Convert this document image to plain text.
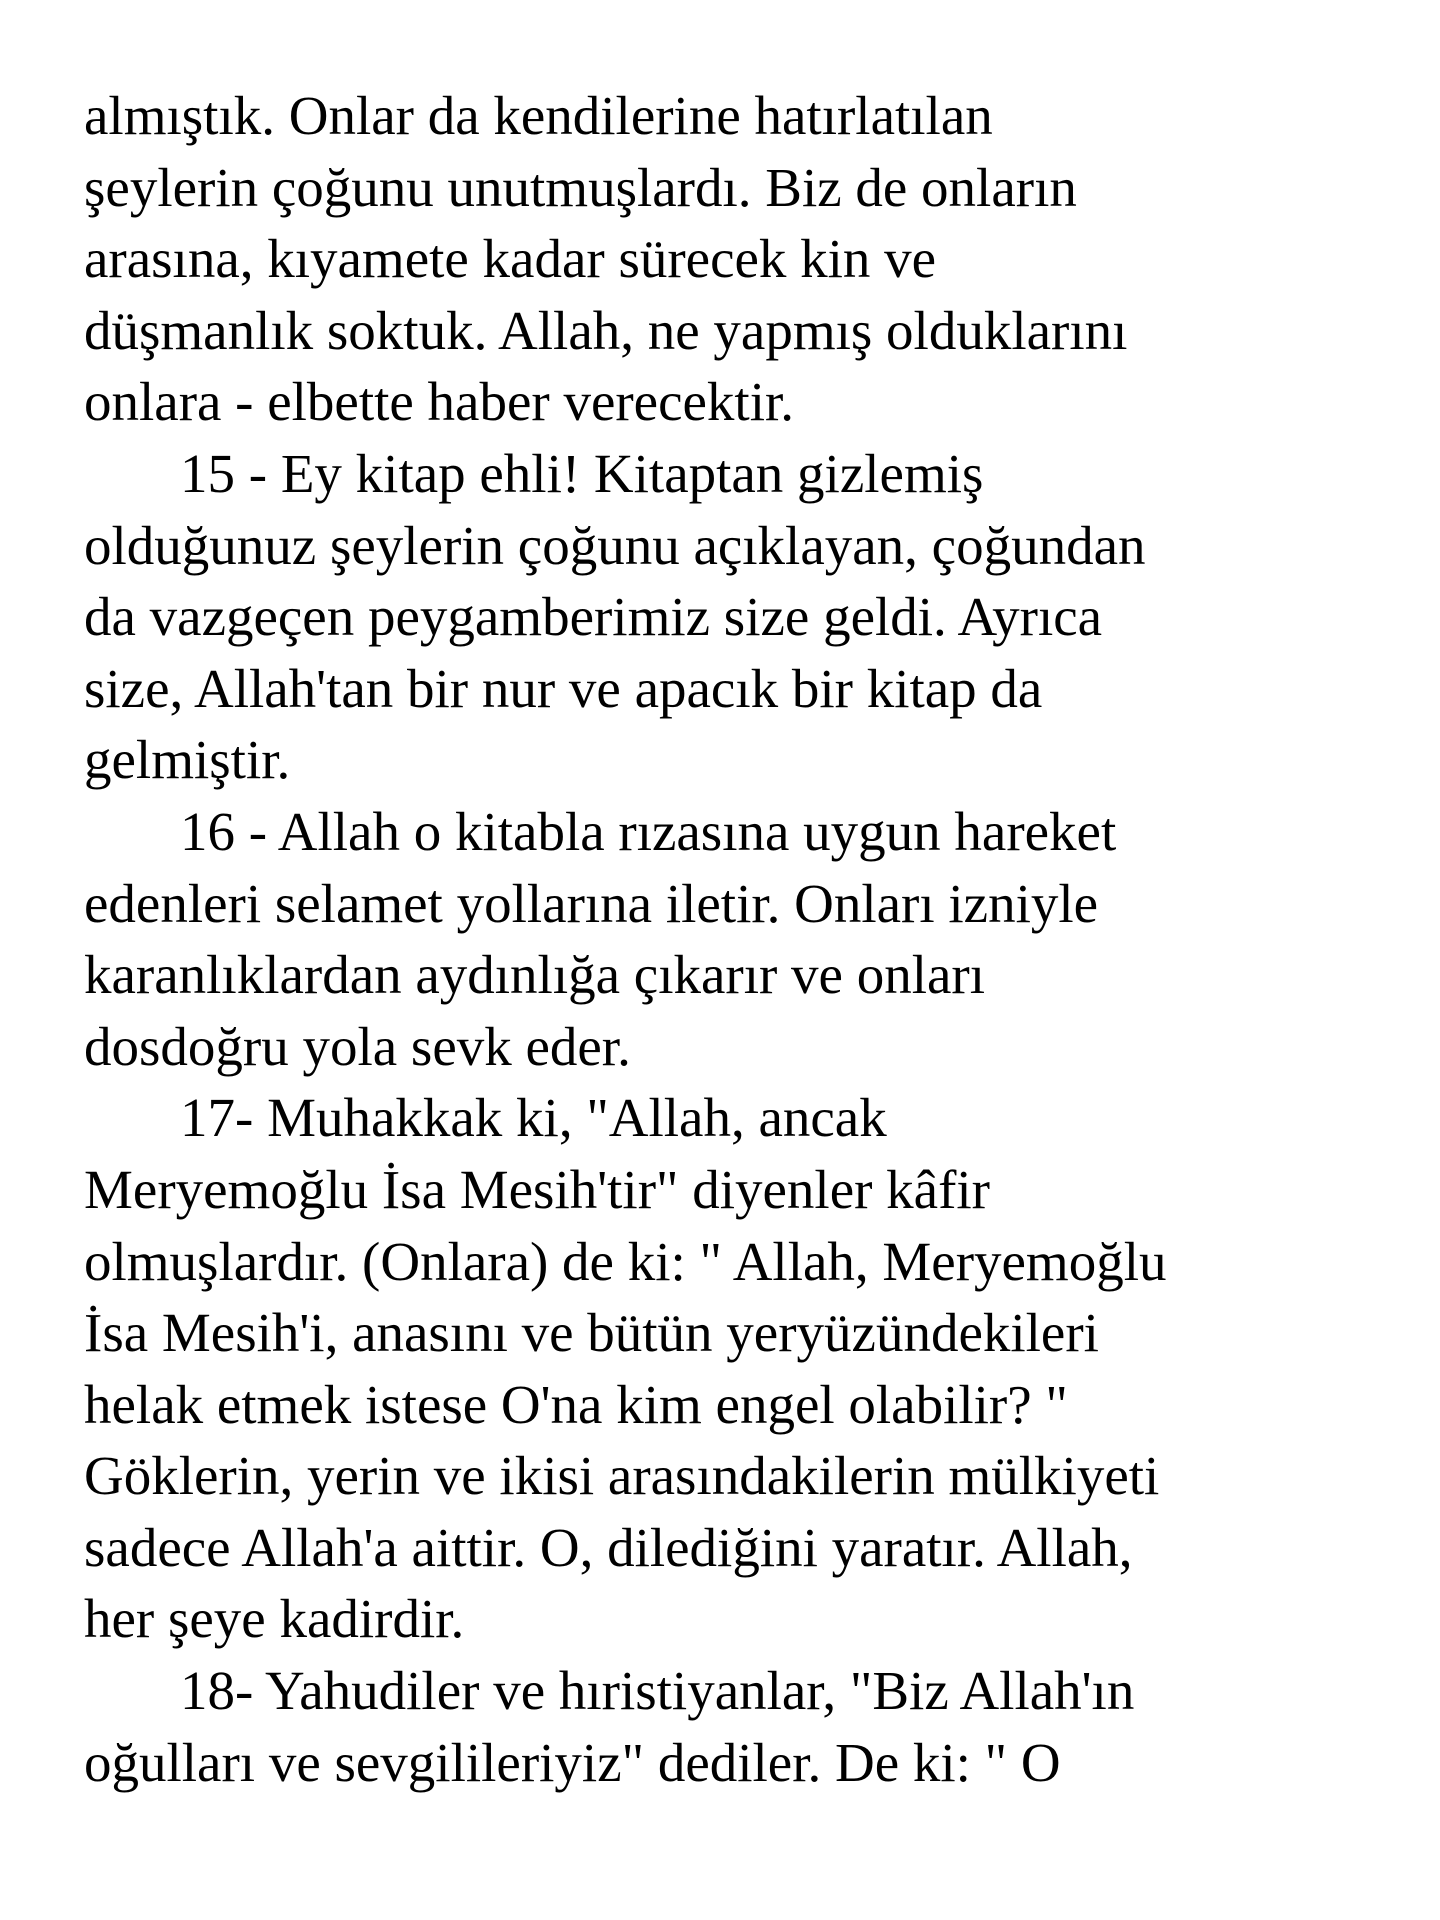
almıştık. Onlar da kendilerine hatırlatılan
şeylerin çoğunu unutmuşlardı. Biz de onların
arasına, kıyamete kadar sürecek kin ve
düşmanlık soktuk. Allah, ne yapmış olduklarını
onlara - elbette haber verecektir.
15 - Ey kitap ehli! Kitaptan gizlemiş
olduğunuz şeylerin çoğunu açıklayan, çoğundan
da vazgeçen peygamberimiz size geldi. Ayrıca
size, Allah'tan bir nur ve apacık bir kitap da
gelmiştir.
16 - Allah o kitabla rızasına uygun hareket
edenleri selamet yollarına iletir. Onları izniyle
karanlıklardan aydınlığa çıkarır ve onları
dosdoğru yola sevk eder.
17- Muhakkak ki, "Allah, ancak
Meryemoğlu İsa Mesih'tir" diyenler kâfir
olmuşlardır. (Onlara) de ki: " Allah, Meryemoğlu
İsa Mesih'i, anasını ve bütün yeryüzündekileri
helak etmek istese O'na kim engel olabilir? "
Göklerin, yerin ve ikisi arasındakilerin mülkiyeti
sadece Allah'a aittir. O, dilediğini yaratır. Allah,
her şeye kadirdir.
18- Yahudiler ve hıristiyanlar, "Biz Allah'ın
oğulları ve sevgilileriyiz" dediler. De ki: " O
